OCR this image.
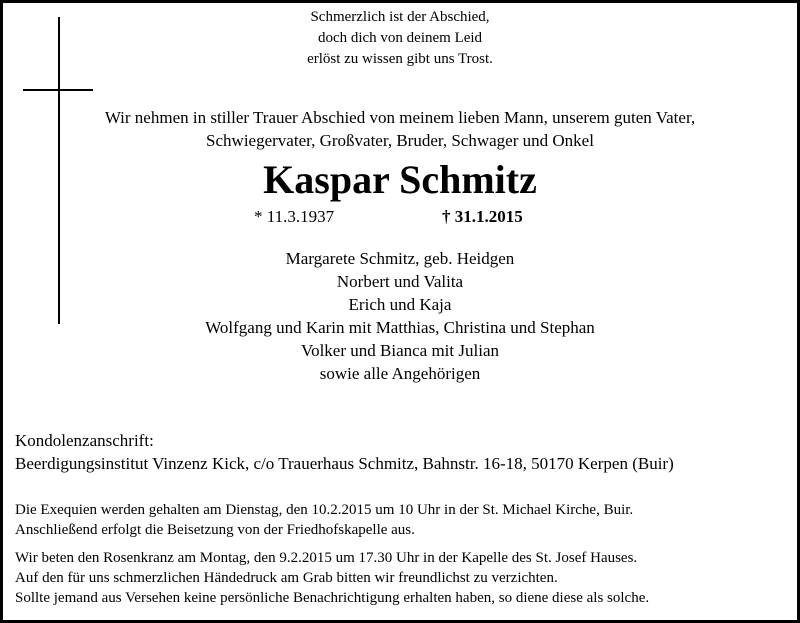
Schmerzlich ist der Abschied,
doch dich von deinem Leid
erlöst zu wissen gibt uns Trost.
Wir nehmen in stiller Trauer Abschied von meinem lieben Mann, unserem guten Vater,
Schwiegervater, Großvater, Bruder, Schwager und Onkel
Kaspar Schmitz
* 11.3.1937	† 31.1.2015
Margarete Schmitz, geb. Heidgen
Norbert und Valita
Erich und Kaja
Wolfgang und Karin mit Matthias, Christina und Stephan
Volker und Bianca mit Julian
sowie alle Angehörigen
Kondolenzanschrift:
Beerdigungsinstitut Vinzenz Kick, c/o Trauerhaus Schmitz, Bahnstr. 16-18, 50170 Kerpen (Buir)
Die Exequien werden gehalten am Dienstag, den 10.2.2015 um 10 Uhr in der St. Michael Kirche, Buir.
Anschließend erfolgt die Beisetzung von der Friedhofskapelle aus.
Wir beten den Rosenkranz am Montag, den 9.2.2015 um 17.30 Uhr in der Kapelle des St. Josef Hauses.
Auf den für uns schmerzlichen Händedruck am Grab bitten wir freundlichst zu verzichten.
Sollte jemand aus Versehen keine persönliche Benachrichtigung erhalten haben, so diene diese als solche.
